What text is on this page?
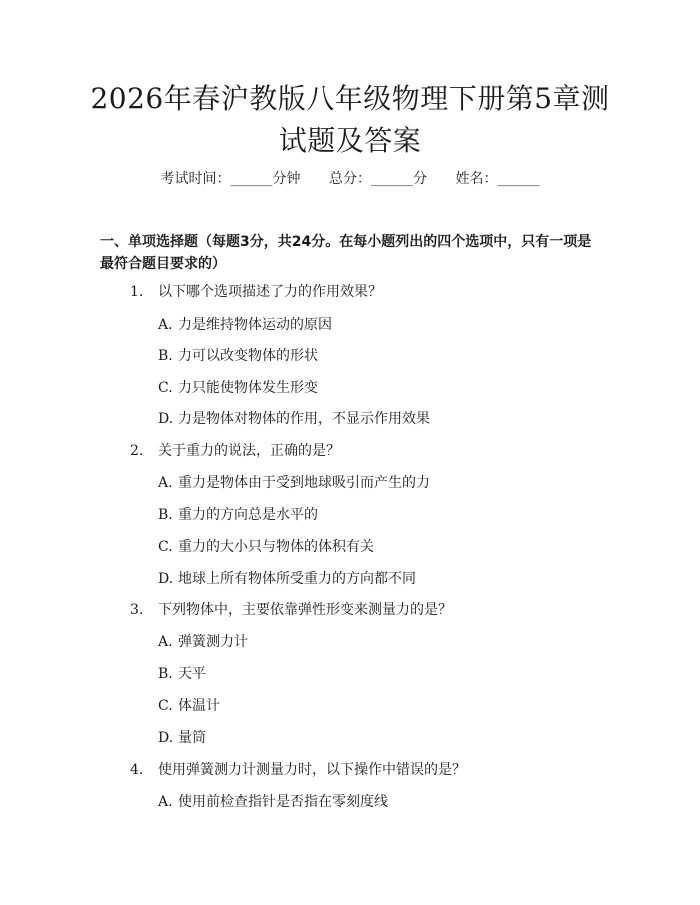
2026年春沪教版八年级物理下册第5章测试题及答案
考试时间：______分钟 总分：______分 姓名：______
一、单项选择题（每题3分，共24分。在每小题列出的四个选项中，只有一项是最符合题目要求的）
1. 以下哪个选项描述了力的作用效果？
A. 力是维持物体运动的原因
B. 力可以改变物体的形状
C. 力只能使物体发生形变
D. 力是物体对物体的作用，不显示作用效果
2. 关于重力的说法，正确的是？
A. 重力是物体由于受到地球吸引而产生的力
B. 重力的方向总是水平的
C. 重力的大小只与物体的体积有关
D. 地球上所有物体所受重力的方向都不同
3. 下列物体中，主要依靠弹性形变来测量力的是？
A. 弹簧测力计
B. 天平
C. 体温计
D. 量筒
4. 使用弹簧测力计测量力时，以下操作中错误的是？
A. 使用前检查指针是否指在零刻度线
